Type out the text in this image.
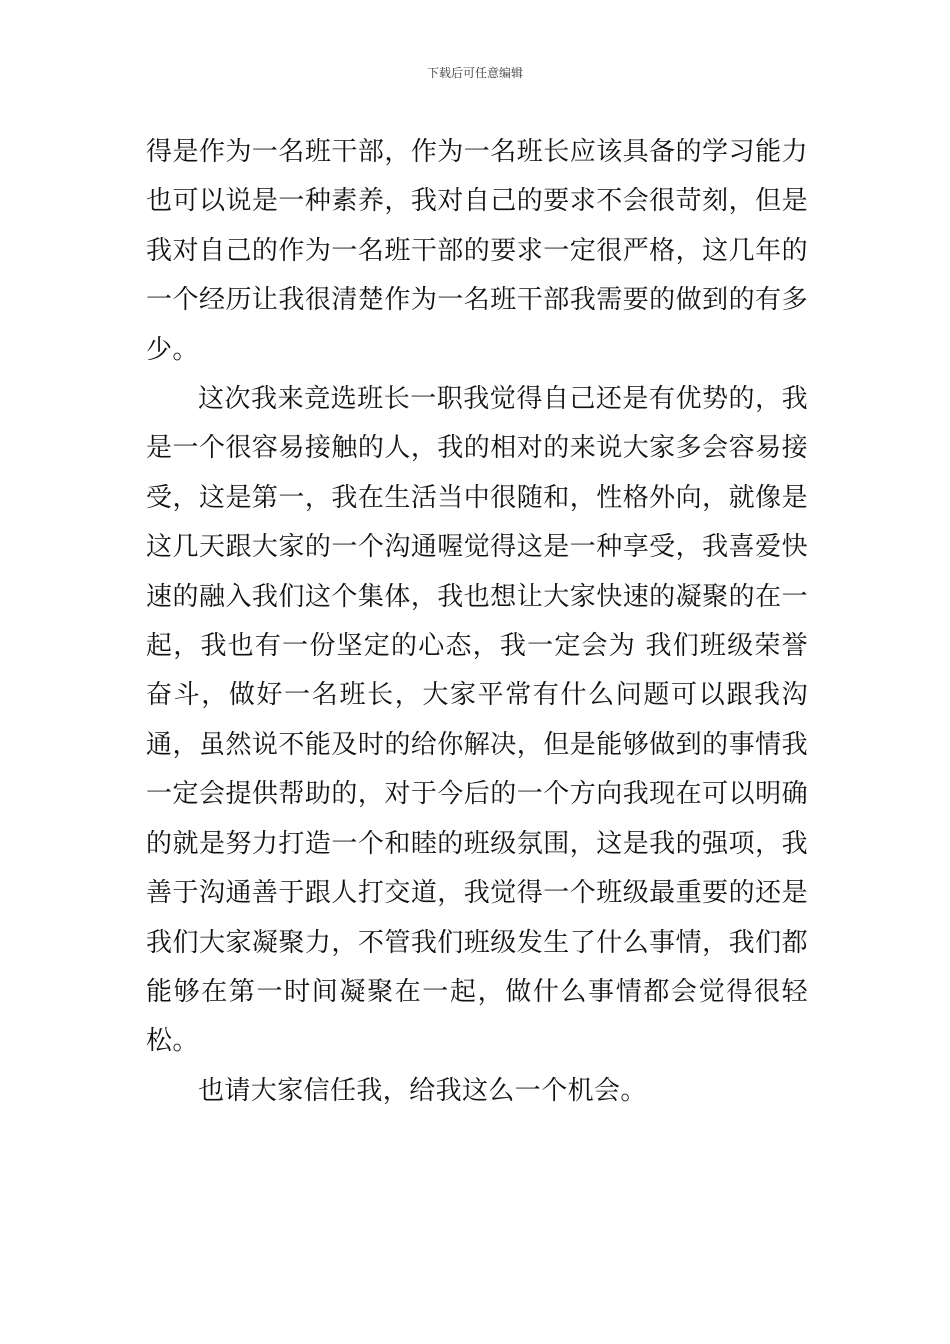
下载后可任意编辑

得是作为一名班干部，作为一名班长应该具备的学习能力也可以说是一种素养，我对自己的要求不会很苛刻，但是我对自己的作为一名班干部的要求一定很严格，这几年的一个经历让我很清楚作为一名班干部我需要的做到的有多少。

这次我来竞选班长一职我觉得自己还是有优势的，我是一个很容易接触的人，我的相对的来说大家多会容易接受，这是第一，我在生活当中很随和，性格外向，就像是这几天跟大家的一个沟通喔觉得这是一种享受，我喜爱快速的融入我们这个集体，我也想让大家快速的凝聚的在一起，我也有一份坚定的心态，我一定会为 我们班级荣誉奋斗，做好一名班长，大家平常有什么问题可以跟我沟通，虽然说不能及时的给你解决，但是能够做到的事情我一定会提供帮助的，对于今后的一个方向我现在可以明确的就是努力打造一个和睦的班级氛围，这是我的强项，我善于沟通善于跟人打交道，我觉得一个班级最重要的还是我们大家凝聚力，不管我们班级发生了什么事情，我们都能够在第一时间凝聚在一起，做什么事情都会觉得很轻松。

也请大家信任我，给我这么一个机会。
